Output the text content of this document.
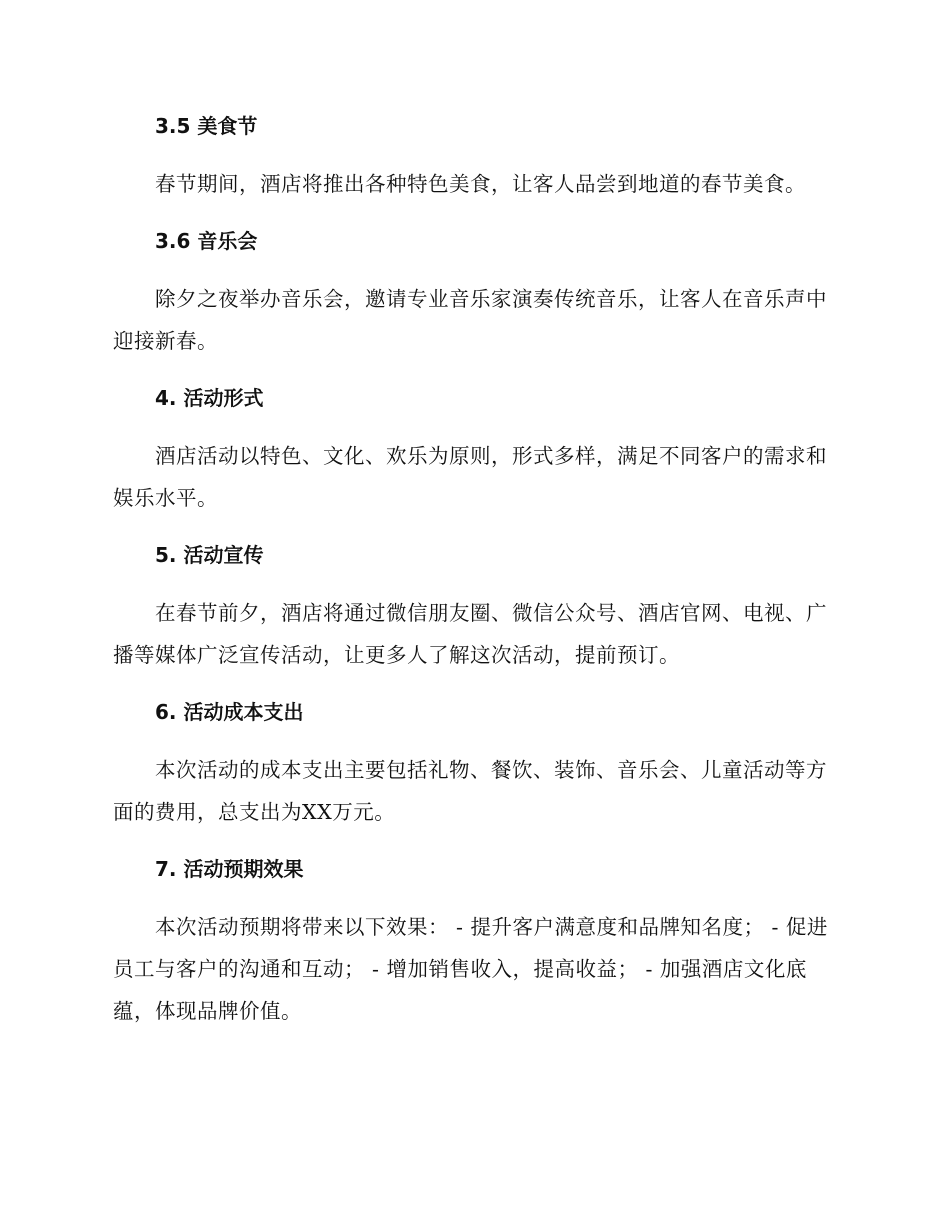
3.5 美食节

春节期间，酒店将推出各种特色美食，让客人品尝到地道的春节美食。

3.6 音乐会

除夕之夜举办音乐会，邀请专业音乐家演奏传统音乐，让客人在音乐声中迎接新春。

4. 活动形式

酒店活动以特色、文化、欢乐为原则，形式多样，满足不同客户的需求和娱乐水平。

5. 活动宣传

在春节前夕，酒店将通过微信朋友圈、微信公众号、酒店官网、电视、广播等媒体广泛宣传活动，让更多人了解这次活动，提前预订。

6. 活动成本支出

本次活动的成本支出主要包括礼物、餐饮、装饰、音乐会、儿童活动等方面的费用，总支出为XX万元。

7. 活动预期效果

本次活动预期将带来以下效果： - 提升客户满意度和品牌知名度； - 促进员工与客户的沟通和互动； - 增加销售收入，提高收益； - 加强酒店文化底蕴，体现品牌价值。
